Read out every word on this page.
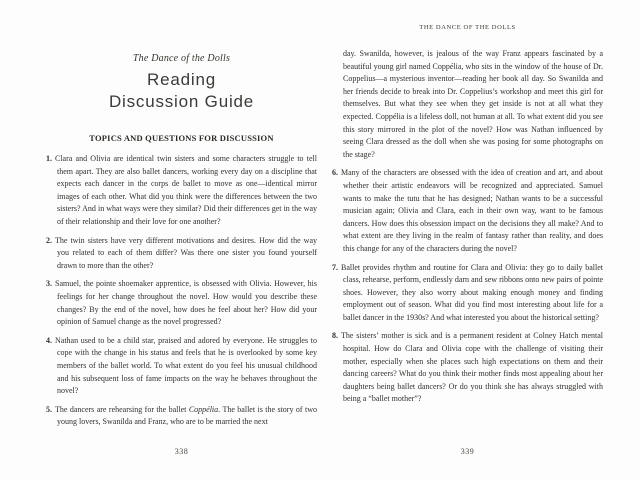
The Dance of the Dolls
Reading
Discussion Guide
TOPICS AND QUESTIONS FOR DISCUSSION
1. Clara and Olivia are identical twin sisters and some characters struggle to tell them apart. They are also ballet dancers, working every day on a discipline that expects each dancer in the corps de ballet to move as one—identical mirror images of each other. What did you think were the differences between the two sisters? And in what ways were they similar? Did their differences get in the way of their relationship and their love for one another?
2. The twin sisters have very different motivations and desires. How did the way you related to each of them differ? Was there one sister you found yourself drawn to more than the other?
3. Samuel, the pointe shoemaker apprentice, is obsessed with Olivia. However, his feelings for her change throughout the novel. How would you describe these changes? By the end of the novel, how does he feel about her? How did your opinion of Samuel change as the novel progressed?
4. Nathan used to be a child star, praised and adored by everyone. He struggles to cope with the change in his status and feels that he is overlooked by some key members of the ballet world. To what extent do you feel his unusual childhood and his subsequent loss of fame impacts on the way he behaves throughout the novel?
5. The dancers are rehearsing for the ballet Coppélia. The ballet is the story of two young lovers, Swanilda and Franz, who are to be married the next
338
THE DANCE OF THE DOLLS
day. Swanilda, however, is jealous of the way Franz appears fascinated by a beautiful young girl named Coppélia, who sits in the window of the house of Dr. Coppelius—a mysterious inventor—reading her book all day. So Swanilda and her friends decide to break into Dr. Coppelius’s workshop and meet this girl for themselves. But what they see when they get inside is not at all what they expected. Coppélia is a lifeless doll, not human at all. To what extent did you see this story mirrored in the plot of the novel? How was Nathan influenced by seeing Clara dressed as the doll when she was posing for some photographs on the stage?
6. Many of the characters are obsessed with the idea of creation and art, and about whether their artistic endeavors will be recognized and appreciated. Samuel wants to make the tutu that he has designed; Nathan wants to be a successful musician again; Olivia and Clara, each in their own way, want to be famous dancers. How does this obsession impact on the decisions they all make? And to what extent are they living in the realm of fantasy rather than reality, and does this change for any of the characters during the novel?
7. Ballet provides rhythm and routine for Clara and Olivia: they go to daily ballet class, rehearse, perform, endlessly darn and sew ribbons onto new pairs of pointe shoes. However, they also worry about making enough money and finding employment out of season. What did you find most interesting about life for a ballet dancer in the 1930s? And what interested you about the historical setting?
8. The sisters’ mother is sick and is a permanent resident at Colney Hatch mental hospital. How do Clara and Olivia cope with the challenge of visiting their mother, especially when she places such high expectations on them and their dancing careers? What do you think their mother finds most appealing about her daughters being ballet dancers? Or do you think she has always struggled with being a “ballet mother”?
339
